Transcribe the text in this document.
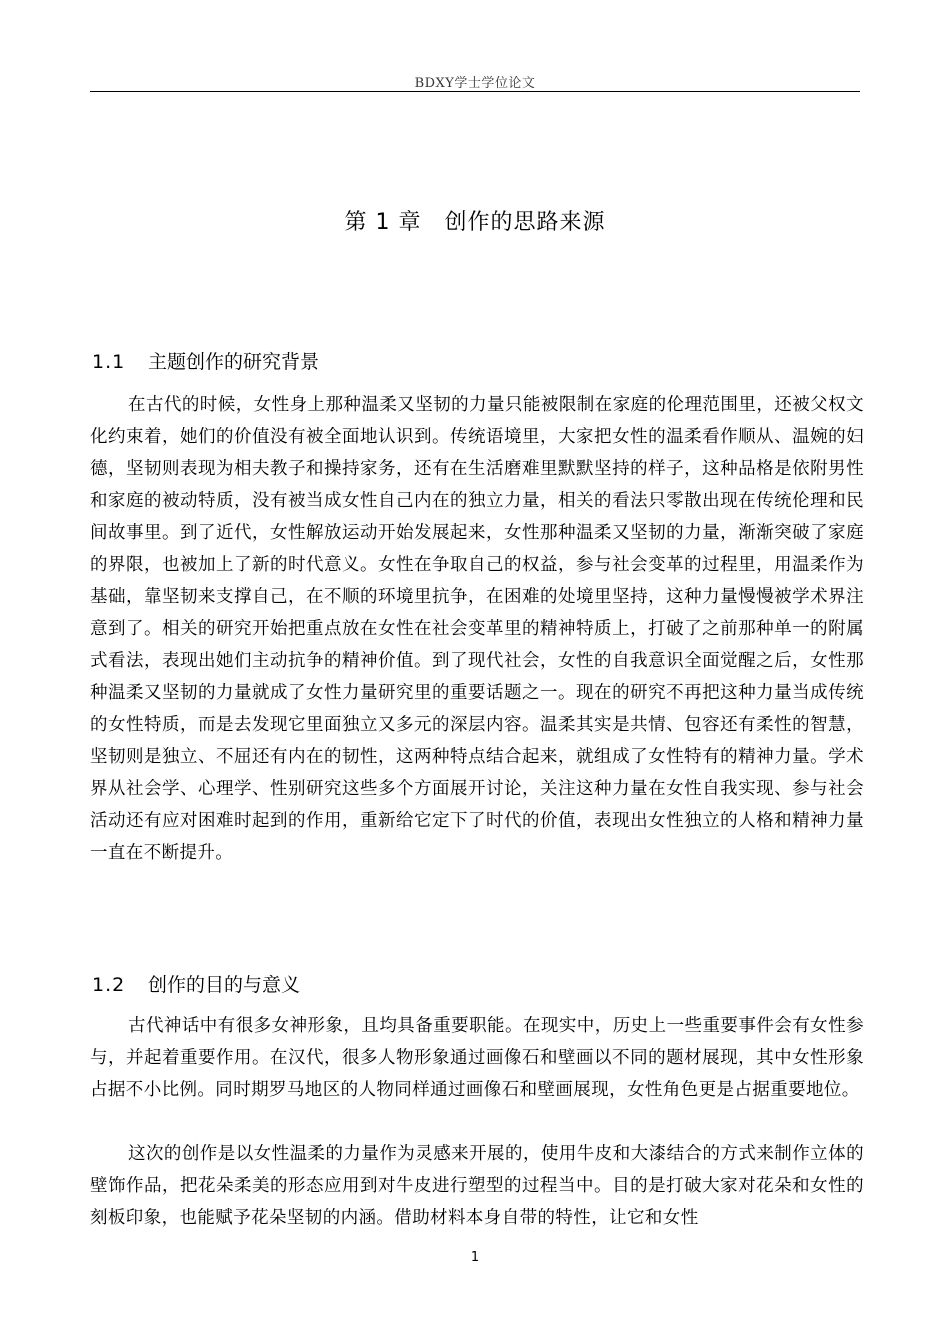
BDXY学士学位论文
第 1 章　创作的思路来源
1.1 主题创作的研究背景

在古代的时候，女性身上那种温柔又坚韧的力量只能被限制在家庭的伦理范围里，还被父权文化约束着，她们的价值没有被全面地认识到。传统语境里，大家把女性的温柔看作顺从、温婉的妇德，坚韧则表现为相夫教子和操持家务，还有在生活磨难里默默坚持的样子，这种品格是依附男性和家庭的被动特质，没有被当成女性自己内在的独立力量，相关的看法只零散出现在传统伦理和民间故事里。到了近代，女性解放运动开始发展起来，女性那种温柔又坚韧的力量，渐渐突破了家庭的界限，也被加上了新的时代意义。女性在争取自己的权益，参与社会变革的过程里，用温柔作为基础，靠坚韧来支撑自己，在不顺的环境里抗争，在困难的处境里坚持，这种力量慢慢被学术界注意到了。相关的研究开始把重点放在女性在社会变革里的精神特质上，打破了之前那种单一的附属式看法，表现出她们主动抗争的精神价值。到了现代社会，女性的自我意识全面觉醒之后，女性那种温柔又坚韧的力量就成了女性力量研究里的重要话题之一。现在的研究不再把这种力量当成传统的女性特质，而是去发现它里面独立又多元的深层内容。温柔其实是共情、包容还有柔性的智慧，坚韧则是独立、不屈还有内在的韧性，这两种特点结合起来，就组成了女性特有的精神力量。学术界从社会学、心理学、性别研究这些多个方面展开讨论，关注这种力量在女性自我实现、参与社会活动还有应对困难时起到的作用，重新给它定下了时代的价值，表现出女性独立的人格和精神力量一直在不断提升。

1.2 创作的目的与意义

古代神话中有很多女神形象，且均具备重要职能。在现实中，历史上一些重要事件会有女性参与，并起着重要作用。在汉代，很多人物形象通过画像石和壁画以不同的题材展现，其中女性形象占据不小比例。同时期罗马地区的人物同样通过画像石和壁画展现，女性角色更是占据重要地位。

这次的创作是以女性温柔的力量作为灵感来开展的，使用牛皮和大漆结合的方式来制作立体的壁饰作品，把花朵柔美的形态应用到对牛皮进行塑型的过程当中。目的是打破大家对花朵和女性的刻板印象，也能赋予花朵坚韧的内涵。借助材料本身自带的特性，让它和女性

1
